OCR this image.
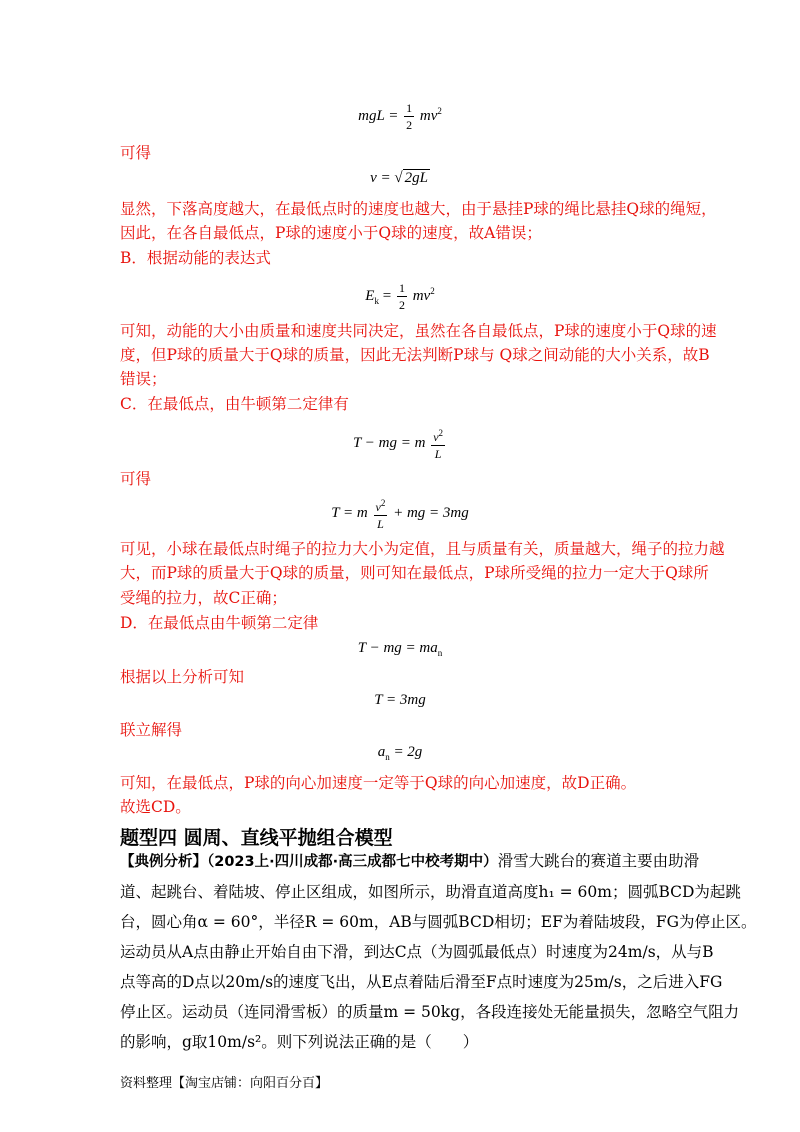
mgL = $\frac{1}{2} mv^2$
可得
v = √ 2gL
显然，下落高度越大，在最低点时的速度也越大，由于悬挂P球的绳比悬挂Q球的绳短，
因此，在各自最低点，P球的速度小于Q球的速度，故A错误；
B．根据动能的表达式
$E_k = \frac{1}{2} mv^2$
可知，动能的大小由质量和速度共同决定，虽然在各自最低点，P球的速度小于Q球的速
度，但P球的质量大于Q球的质量，因此无法判断P球与 Q球之间动能的大小关系，故B
错误；
C．在最低点，由牛顿第二定律有
T − mg = m $\frac{v^2}{L}$
可得
T = m $\frac{v^2}{L}$ + mg = 3mg
可见，小球在最低点时绳子的拉力大小为定值，且与质量有关，质量越大，绳子的拉力越
大，而P球的质量大于Q球的质量，则可知在最低点，P球所受绳的拉力一定大于Q球所
受绳的拉力，故C正确；
D．在最低点由牛顿第二定律
T − mg = $ma_n$
根据以上分析可知
T = 3mg
联立解得
$a_n = 2g$
可知，在最低点，P球的向心加速度一定等于Q球的向心加速度，故D正确。
故选CD。
题型四 圆周、直线平抛组合模型
【典例分析】（2023上·四川成都·高三成都七中校考期中）滑雪大跳台的赛道主要由助滑
道、起跳台、着陆坡、停止区组成，如图所示，助滑直道高度h₁ = 60m；圆弧BCD为起跳
台，圆心角α = 60°，半径R = 60m，AB与圆弧BCD相切；EF为着陆坡段，FG为停止区。
运动员从A点由静止开始自由下滑，到达C点（为圆弧最低点）时速度为24m/s，从与B
点等高的D点以20m/s的速度飞出，从E点着陆后滑至F点时速度为25m/s，之后进入FG
停止区。运动员（连同滑雪板）的质量m = 50kg，各段连接处无能量损失，忽略空气阻力
的影响，g取10m/s²。则下列说法正确的是（　　）
资料整理【淘宝店铺：向阳百分百】
